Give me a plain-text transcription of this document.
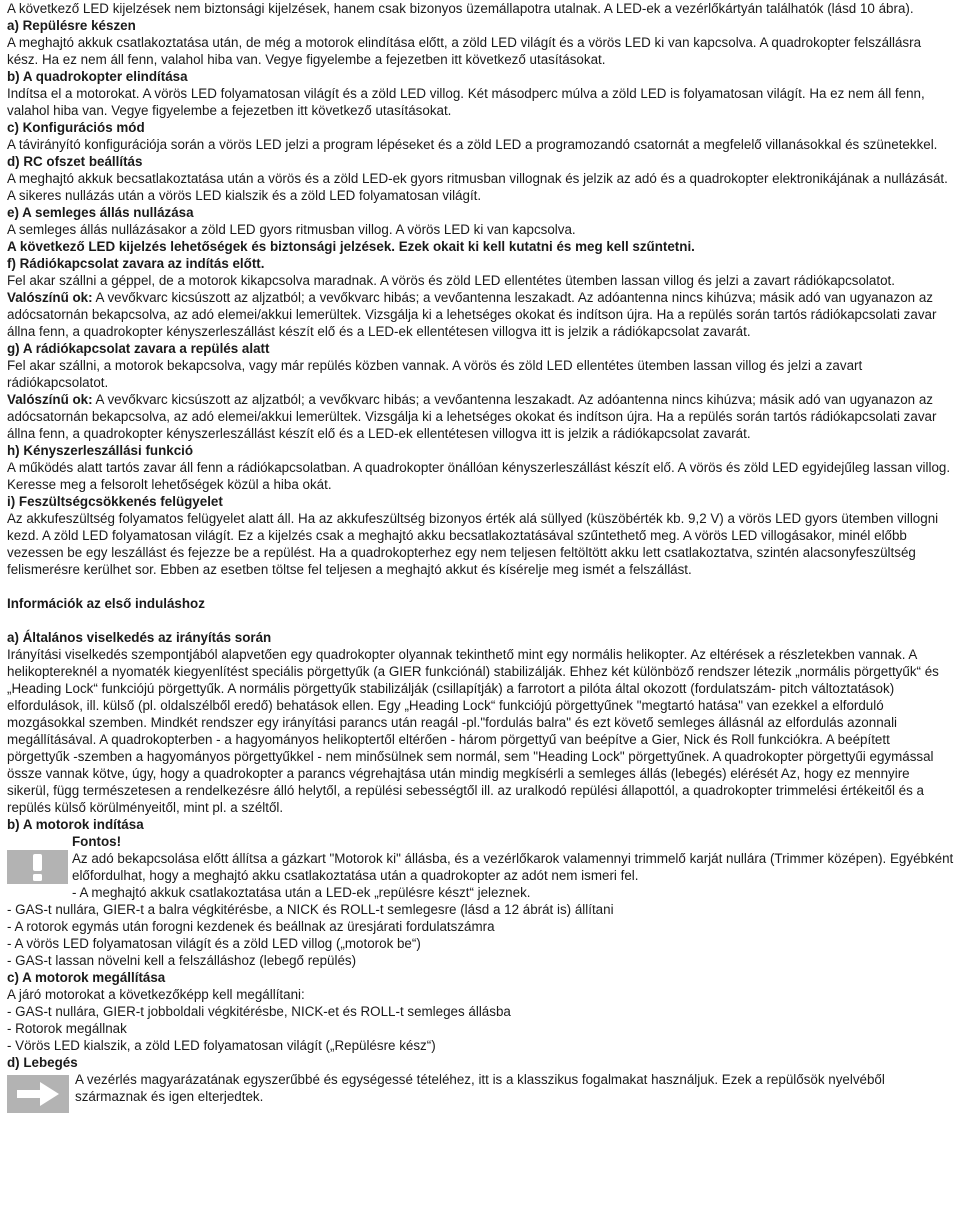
A következő LED kijelzések nem biztonsági kijelzések, hanem csak bizonyos üzemállapotra utalnak. A LED-ek a vezérlőkártyán találhatók (lásd 10 ábra).

a) Repülésre készen

A meghajtó akkuk csatlakoztatása után, de még a motorok elindítása előtt, a zöld LED világít és a vörös LED ki van kapcsolva. A quadrokopter felszállásra kész. Ha ez nem áll fenn, valahol hiba van. Vegye figyelembe a fejezetben itt következő utasításokat.

b) A quadrokopter elindítása

Indítsa el a motorokat. A vörös LED folyamatosan világít és a zöld LED villog. Két másodperc múlva a zöld LED is folyamatosan világít. Ha ez nem áll fenn, valahol hiba van. Vegye figyelembe a fejezetben itt következő utasításokat.

c) Konfigurációs mód

A távirányító konfigurációja során a vörös LED jelzi a program lépéseket és a zöld LED a programozandó csatornát a megfelelő villanásokkal és szünetekkel.

d) RC ofszet beállítás

A meghajtó akkuk becsatlakoztatása után a vörös és a zöld LED-ek gyors ritmusban villognak és jelzik az adó és a quadrokopter elektronikájának a nullázását. A sikeres nullázás után a vörös LED kialszik és a zöld LED folyamatosan világít.

e) A semleges állás nullázása

A semleges állás nullázásakor a zöld LED gyors ritmusban villog. A vörös LED ki van kapcsolva.

A következő LED kijelzés lehetőségek és biztonsági jelzések. Ezek okait ki kell kutatni és meg kell szűntetni.

f) Rádiókapcsolat zavara az indítás előtt.

Fel akar szállni a géppel, de a motorok kikapcsolva maradnak. A vörös és zöld LED ellentétes ütemben lassan villog és jelzi a zavart rádiókapcsolatot.

Valószínű ok: A vevőkvarc kicsúszott az aljzatból; a vevőkvarc hibás; a vevőantenna leszakadt. Az adóantenna nincs kihúzva; másik adó van ugyanazon az adócsatornán bekapcsolva, az adó elemei/akkui lemerültek. Vizsgálja ki a lehetséges okokat és indítson újra. Ha a repülés során tartós rádiókapcsolati zavar állna fenn, a quadrokopter kényszerleszállást készít elő és a LED-ek ellentétesen villogva itt is jelzik a rádiókapcsolat zavarát.

g) A rádiókapcsolat zavara a repülés alatt

Fel akar szállni, a motorok bekapcsolva, vagy már repülés közben vannak. A vörös és zöld LED ellentétes ütemben lassan villog és jelzi a zavart rádiókapcsolatot.

Valószínű ok: A vevőkvarc kicsúszott az aljzatból; a vevőkvarc hibás; a vevőantenna leszakadt. Az adóantenna nincs kihúzva; másik adó van ugyanazon az adócsatornán bekapcsolva, az adó elemei/akkui lemerültek. Vizsgálja ki a lehetséges okokat és indítson újra. Ha a repülés során tartós rádiókapcsolati zavar állna fenn, a quadrokopter kényszerleszállást készít elő és a LED-ek ellentétesen villogva itt is jelzik a rádiókapcsolat zavarát.

h) Kényszerleszállási funkció

A működés alatt tartós zavar áll fenn a rádiókapcsolatban. A quadrokopter önállóan kényszerleszállást készít elő. A vörös és zöld LED egyidejűleg lassan villog. Keresse meg a felsorolt lehetőségek közül a hiba okát.

i) Feszültségcsökkenés felügyelet

Az akkufeszültség folyamatos felügyelet alatt áll. Ha az akkufeszültség bizonyos érték alá süllyed (küszöbérték kb. 9,2 V) a vörös LED gyors ütemben villogni kezd. A zöld LED folyamatosan világít. Ez a kijelzés csak a meghajtó akku becsatlakoztatásával szűntethető meg. A vörös LED villogásakor, minél előbb vezessen be egy leszállást és fejezze be a repülést. Ha a quadrokopterhez egy nem teljesen feltöltött akku lett csatlakoztatva, szintén alacsonyfeszültség felismerésre kerülhet sor. Ebben az esetben töltse fel teljesen a meghajtó akkut és kísérelje meg ismét a felszállást.

Információk az első induláshoz

a) Általános viselkedés az irányítás során

Irányítási viselkedés szempontjából alapvetően egy quadrokopter olyannak tekinthető mint egy normális helikopter. Az eltérések a részletekben vannak. A helikoptereknél a nyomaték kiegyenlítést speciális pörgettyűk (a GIER funkciónál) stabilizálják. Ehhez két különböző rendszer létezik „normális pörgettyűk“ és „Heading Lock“ funkciójú pörgettyűk. A normális pörgettyűk stabilizálják (csillapítják) a farrotort a pilóta által okozott (fordulatszám- pitch változtatások) elfordulások, ill. külső (pl. oldalszélből eredő) behatások ellen. Egy „Heading Lock“ funkciójú pörgettyűnek "megtartó hatása" van ezekkel a elforduló mozgásokkal szemben. Mindkét rendszer egy irányítási parancs után reagál -pl."fordulás balra" és ezt követő semleges állásnál az elfordulás azonnali megállításával. A quadrokopterben - a hagyományos helikoptertől eltérően - három pörgettyű van beépítve a Gier, Nick és Roll funkciókra. A beépített pörgettyűk -szemben a hagyományos pörgettyűkkel - nem minősülnek sem normál, sem "Heading Lock" pörgettyűnek. A quadrokopter pörgettyűi egymással össze vannak kötve, úgy, hogy a quadrokopter a parancs végrehajtása után mindig megkísérli a semleges állás (lebegés) elérését Az, hogy ez mennyire sikerül, függ természetesen a rendelkezésre álló helytől, a repülési sebességtől ill. az uralkodó repülési állapottól, a quadrokopter trimmelési értékeitől és a repülés külső körülményeitől, mint pl. a széltől.

b) A motorok indítása

Fontos!

Az adó bekapcsolása előtt állítsa a gázkart "Motorok ki" állásba, és a vezérlőkarok valamennyi trimmelő karját nullára (Trimmer középen). Egyébként előfordulhat, hogy a meghajtó akku csatlakoztatása után a quadrokopter az adót nem ismeri fel.

- A meghajtó akkuk csatlakoztatása után a LED-ek „repülésre készt“ jeleznek.

- GAS-t nullára, GIER-t a balra végkitérésbe, a NICK és ROLL-t semlegesre (lásd a 12 ábrát is) állítani

- A rotorok egymás után forogni kezdenek és beállnak az üresjárati fordulatszámra

- A vörös LED folyamatosan világít és a zöld LED villog („motorok be“)

- GAS-t lassan növelni kell a felszálláshoz (lebegő repülés)

c) A motorok megállítása

A járó motorokat a következőképp kell megállítani:

- GAS-t nullára, GIER-t jobboldali végkitérésbe, NICK-et és ROLL-t semleges állásba

- Rotorok megállnak

- Vörös LED kialszik, a zöld LED folyamatosan világít („Repülésre kész“)

d) Lebegés

A vezérlés magyarázatának egyszerűbbé és egységessé tételéhez, itt is a klasszikus fogalmakat használjuk. Ezek a repülősök nyelvéből származnak és igen elterjedtek.
